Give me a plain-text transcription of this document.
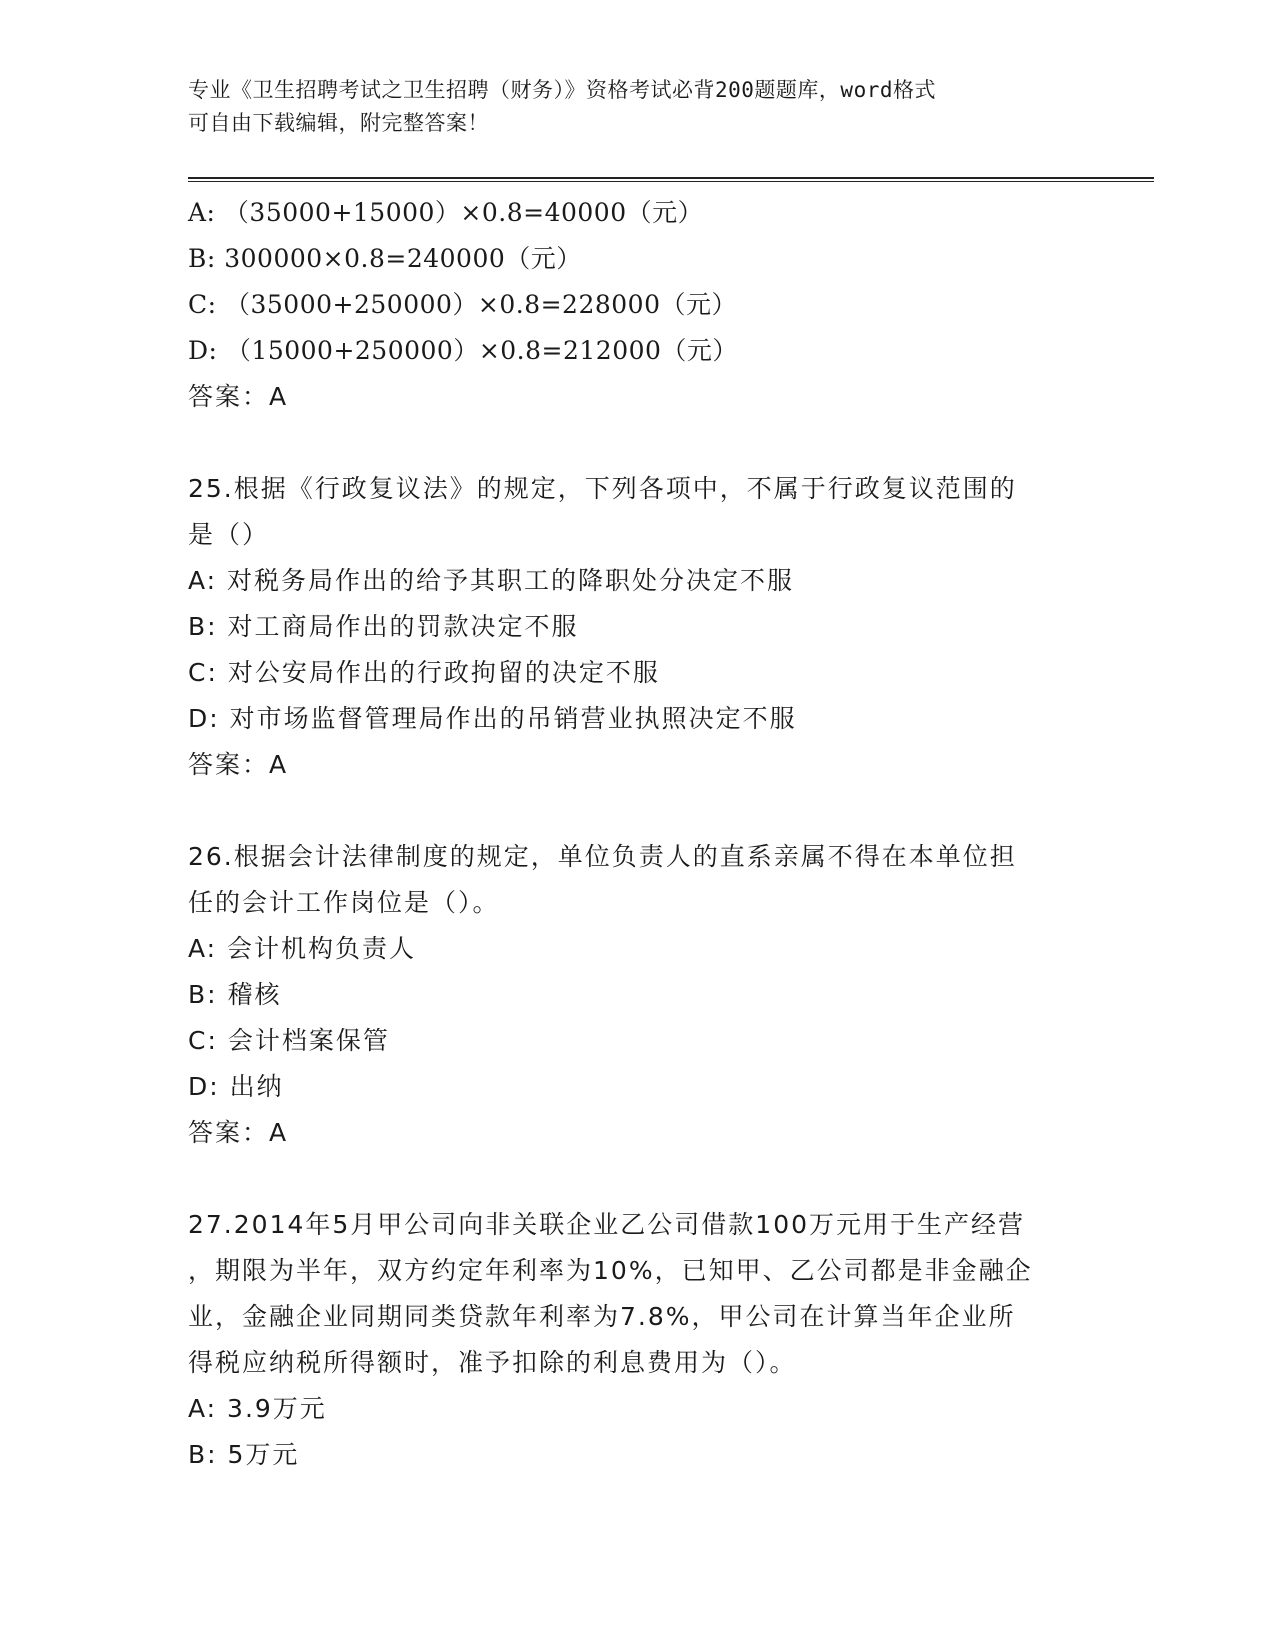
专业《卫生招聘考试之卫生招聘（财务）》资格考试必背200题题库，word格式
可自由下载编辑，附完整答案！
A: （35000+15000）×0.8=40000（元）
B: 300000×0.8=240000（元）
C: （35000+250000）×0.8=228000（元）
D: （15000+250000）×0.8=212000（元）
答案：A
25.根据《行政复议法》的规定，下列各项中，不属于行政复议范围的
是（）
A: 对税务局作出的给予其职工的降职处分决定不服
B: 对工商局作出的罚款决定不服
C: 对公安局作出的行政拘留的决定不服
D: 对市场监督管理局作出的吊销营业执照决定不服
答案：A
26.根据会计法律制度的规定，单位负责人的直系亲属不得在本单位担
任的会计工作岗位是（）。
A: 会计机构负责人
B: 稽核
C: 会计档案保管
D: 出纳
答案：A
27.2014年5月甲公司向非关联企业乙公司借款100万元用于生产经营
，期限为半年，双方约定年利率为10%，已知甲、乙公司都是非金融企
业，金融企业同期同类贷款年利率为7.8%，甲公司在计算当年企业所
得税应纳税所得额时，准予扣除的利息费用为（）。
A: 3.9万元
B: 5万元
